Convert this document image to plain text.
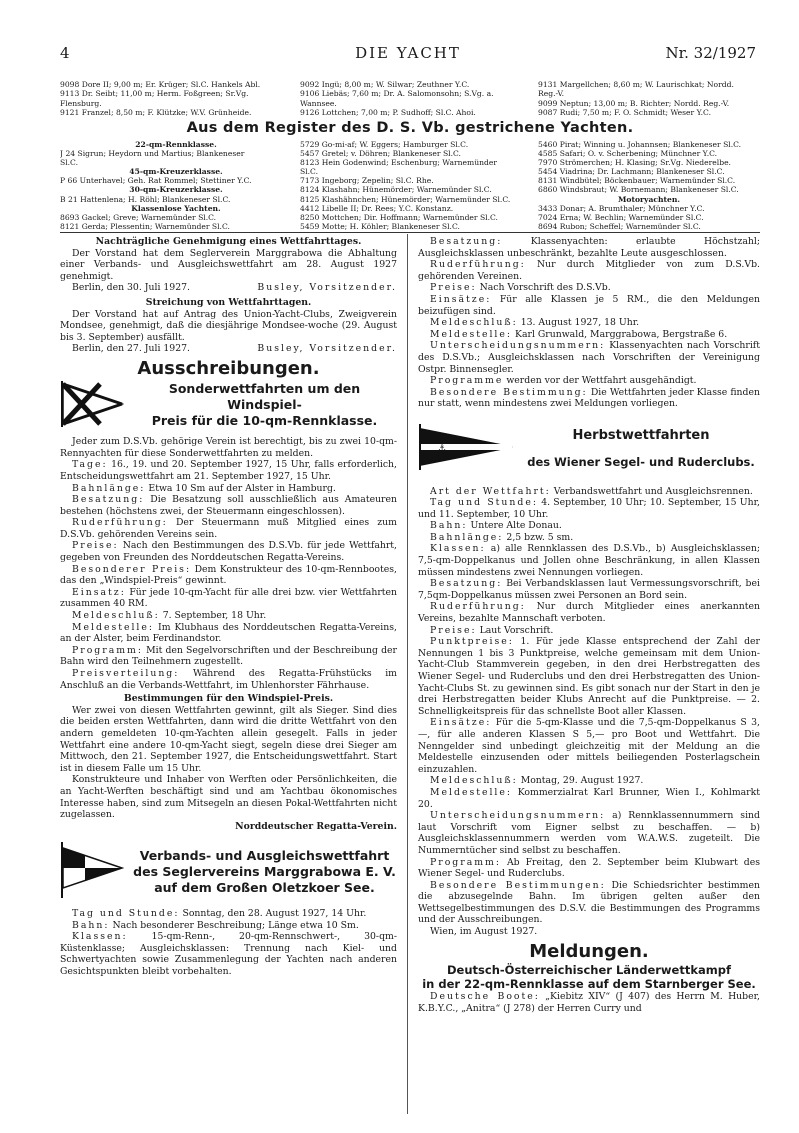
4	DIE YACHT	Nr. 32/1927
9098 Dore II; 9,00 m; Er. Krüger; Sl.C. Hankels Abl.
9113 Dr. Seibt; 11,00 m; Herm. Foßgreen; Sr.Vg.
Flensburg.
9121 Franzel; 8,50 m; F. Klützke; W.V. Grünheide.
9092 Ingü; 8,00 m; W. Silwar; Zeuthner Y.C.
9106 Liebäs; 7,60 m; Dr. A. Salomonsohn; S.Vg. a.
Wannsee.
9126 Lottchen; 7,00 m; P. Sudhoff; Sl.C. Ahoi.
9131 Margellchen; 8,60 m; W. Laurischkat; Nordd.
Reg.-V.
9099 Neptun; 13,00 m; B. Richter; Nordd. Reg.-V.
9087 Rudi; 7,50 m; F. O. Schmidt; Weser Y.C.
Aus dem Register des D. S. Vb. gestrichene Yachten.
22-qm-Rennklasse.
J 24 Sigrun; Heydorn und Martius; Blankeneser
Sl.C.
45-qm-Kreuzerklasse.
P 66 Unterhavel; Geh. Rat Rommel; Stettiner Y.C.
30-qm-Kreuzerklasse.
B 21 Hattenlena; H. Röhl; Blankeneser Sl.C.
Klassenlose Yachten.
8693 Gackel; Greve; Warnemünder Sl.C.
8121 Gerda; Plessentin; Warnemünder Sl.C.
5729 Go-mi-af; W. Eggers; Hamburger Sl.C.
5457 Gretel; v. Döhren; Blankeneser Sl.C.
8123 Hein Godenwind; Eschenburg; Warnemünder
Sl.C.
7173 Ingeborg; Zepelin; Sl.C. Rhe.
8124 Klashahn; Hünemörder; Warnemünder Sl.C.
8125 Klashähnchen; Hünemörder; Warnemünder Sl.C.
4412 Libelle II; Dr. Rees; Y.C. Konstanz.
8250 Mottchen; Dir. Hoffmann; Warnemünder Sl.C.
5459 Motte; H. Köhler; Blankeneser Sl.C.
5460 Pirat; Winning u. Johannsen; Blankeneser Sl.C.
4585 Safari; O. v. Scherbening; Münchner Y.C.
7970 Strömerchen; H. Klasing; Sr.Vg. Niederelbe.
5454 Viadrina; Dr. Lachmann; Blankeneser Sl.C.
8131 Windbütel; Böckenbauer; Warnemünder Sl.C.
6860 Windsbraut; W. Bornemann; Blankeneser Sl.C.
Motoryachten.
3433 Donar; A. Brumthaler; Münchner Y.C.
7024 Erna; W. Bechlin; Warnemünder Sl.C.
8694 Rubon; Scheffel; Warnemünder Sl.C.

Nachträgliche Genehmigung eines Wettfahrttages.

Der Vorstand hat dem Seglerverein Marggrabowa die Abhaltung einer Verbands- und Ausgleichswettfahrt am 28. August 1927 genehmigt.

Berlin, den 30. Juli 1927.	Busley, Vorsitzender.

Streichung von Wettfahrttagen.

Der Vorstand hat auf Antrag des Union-Yacht-Clubs, Zweigverein Mondsee, genehmigt, daß die diesjährige Mondsee-woche (29. August bis 3. September) ausfällt.

Berlin, den 27. Juli 1927.	Busley, Vorsitzender.

Ausschreibungen.
Sonderwettfahrten um den Windspiel-
Preis für die 10-qm-Rennklasse.

Jeder zum D.S.Vb. gehörige Verein ist berechtigt, bis zu zwei 10-qm-Rennyachten für diese Sonderwettfahrten zu melden.

Tage: 16., 19. und 20. September 1927, 15 Uhr, falls erforderlich, Entscheidungswettfahrt am 21. September 1927, 15 Uhr.

Bahnlänge: Etwa 10 Sm auf der Alster in Hamburg.

Besatzung: Die Besatzung soll ausschließlich aus Amateuren bestehen (höchstens zwei, der Steuermann eingeschlossen).

Ruderführung: Der Steuermann muß Mitglied eines zum D.S.Vb. gehörenden Vereins sein.

Preise: Nach den Bestimmungen des D.S.Vb. für jede Wettfahrt, gegeben von Freunden des Norddeutschen Regatta-Vereins.

Besonderer Preis: Dem Konstrukteur des 10-qm-Rennbootes, das den „Windspiel-Preis“ gewinnt.

Einsatz: Für jede 10-qm-Yacht für alle drei bzw. vier Wettfahrten zusammen 40 RM.

Meldeschluß: 7. September, 18 Uhr.

Meldestelle: Im Klubhaus des Norddeutschen Regatta-Vereins, an der Alster, beim Ferdinandstor.

Programm: Mit den Segelvorschriften und der Beschreibung der Bahn wird den Teilnehmern zugestellt.

Preisverteilung: Während des Regatta-Frühstücks im Anschluß an die Verbands-Wettfahrt, im Uhlenhorster Fährhause.

Bestimmungen für den Windspiel-Preis.

Wer zwei von diesen Wettfahrten gewinnt, gilt als Sieger. Sind dies die beiden ersten Wettfahrten, dann wird die dritte Wettfahrt von den andern gemeldeten 10-qm-Yachten allein gesegelt. Falls in jeder Wettfahrt eine andere 10-qm-Yacht siegt, segeln diese drei Sieger am Mittwoch, den 21. September 1927, die Entscheidungswettfahrt. Start ist in diesem Falle um 15 Uhr.

Konstrukteure und Inhaber von Werften oder Persönlichkeiten, die an Yacht-Werften beschäftigt sind und am Yachtbau ökonomisches Interesse haben, sind zum Mitsegeln an diesen Pokal-Wettfahrten nicht zugelassen.

Norddeutscher Regatta-Verein.

Verbands- und Ausgleichswettfahrt
des Seglervereins Marggrabowa E. V.
auf dem Großen Oletzkoer See.

Tag und Stunde: Sonntag, den 28. August 1927, 14 Uhr.

Bahn: Nach besonderer Beschreibung; Länge etwa 10 Sm.

Klassen:	15-qm-Renn-, 20-qm-Rennschwert-, 30-qm-Küstenklasse; Ausgleichsklassen: Trennung nach Kiel- und Schwertyachten sowie Zusammenlegung der Yachten nach anderen Gesichtspunkten bleibt vorbehalten.

Besatzung:	Klassenyachten: erlaubte Höchstzahl; Ausgleichsklassen unbeschränkt, bezahlte Leute ausgeschlossen.

Ruderführung: Nur durch Mitglieder von zum D.S.Vb. gehörenden Vereinen.

Preise: Nach Vorschrift des D.S.Vb.

Einsätze: Für alle Klassen je 5 RM., die den Meldungen beizufügen sind.

Meldeschluß: 13. August 1927, 18 Uhr.

Meldestelle: Karl Grunwald, Marggrabowa, Bergstraße 6.

Unterscheidungsnummern: Klassenyachten nach Vorschrift des D.S.Vb.; Ausgleichsklassen nach Vorschriften der Vereinigung Ostpr. Binnensegler.

Programme werden vor der Wettfahrt ausgehändigt.

Besondere Bestimmung: Die Wettfahrten jeder Klasse finden nur statt, wenn mindestens zwei Meldungen vorliegen.

⚓
Herbstwettfahrten
des Wiener Segel- und Ruderclubs.

Art der Wettfahrt: Verbandswettfahrt und Ausgleichsrennen.

Tag und Stunde: 4. September, 10 Uhr; 10. September, 15 Uhr, und 11. September, 10 Uhr.

Bahn: Untere Alte Donau.

Bahnlänge: 2,5 bzw. 5 sm.

Klassen: a) alle Rennklassen des D.S.Vb., b) Ausgleichsklassen; 7,5-qm-Doppelkanus und Jollen ohne Beschränkung, in allen Klassen müssen mindestens zwei Nennungen vorliegen.

Besatzung: Bei Verbandsklassen laut Vermessungsvorschrift, bei 7,5qm-Doppelkanus müssen zwei Personen an Bord sein.

Ruderführung: Nur durch Mitglieder eines anerkannten Vereins, bezahlte Mannschaft verboten.

Preise: Laut Vorschrift.

Punktpreise: 1. Für jede Klasse entsprechend der Zahl der Nennungen 1 bis 3 Punktpreise, welche gemeinsam mit dem Union-Yacht-Club Stammverein gegeben, in den drei Herbstregatten des Wiener Segel- und Ruderclubs und den drei Herbstregatten des Union-Yacht-Clubs St. zu gewinnen sind. Es gibt sonach nur der Start in den je drei Herbstregatten beider Klubs Anrecht auf die Punktpreise. — 2. Schnelligkeitspreis für das schnellste Boot aller Klassen.

Einsätze: Für die 5-qm-Klasse und die 7,5-qm-Doppelkanus S 3,—, für alle anderen Klassen S 5,— pro Boot und Wettfahrt. Die Nenngelder sind unbedingt gleichzeitig mit der Meldung an die Meldestelle einzusenden oder mittels beiliegenden Posterlagschein einzuzahlen.

Meldeschluß: Montag, 29. August 1927.

Meldestelle: Kommerzialrat Karl Brunner, Wien I., Kohlmarkt 20.

Unterscheidungsnummern: a) Rennklassennummern sind laut Vorschrift vom Eigner selbst zu beschaffen. — b) Ausgleichsklassennummern werden vom W.A.W.S. zugeteilt. Die Nummerntücher sind selbst zu beschaffen.

Programm: Ab Freitag, den 2. September beim Klubwart des Wiener Segel- und Ruderclubs.

Besondere Bestimmungen: Die Schiedsrichter bestimmen die abzusegelnde Bahn. Im übrigen gelten außer den Wettsegelbestimmungen des D.S.V. die Bestimmungen des Programms und der Ausschreibungen.

Wien, im August 1927.

Meldungen.
Deutsch-Österreichischer Länderwettkampf
in der 22-qm-Rennklasse auf dem Starnberger See.

Deutsche Boote: „Kiebitz XIV“ (J 407) des Herrn M. Huber, K.B.Y.C., „Anitra“ (J 278) der Herren Curry und
